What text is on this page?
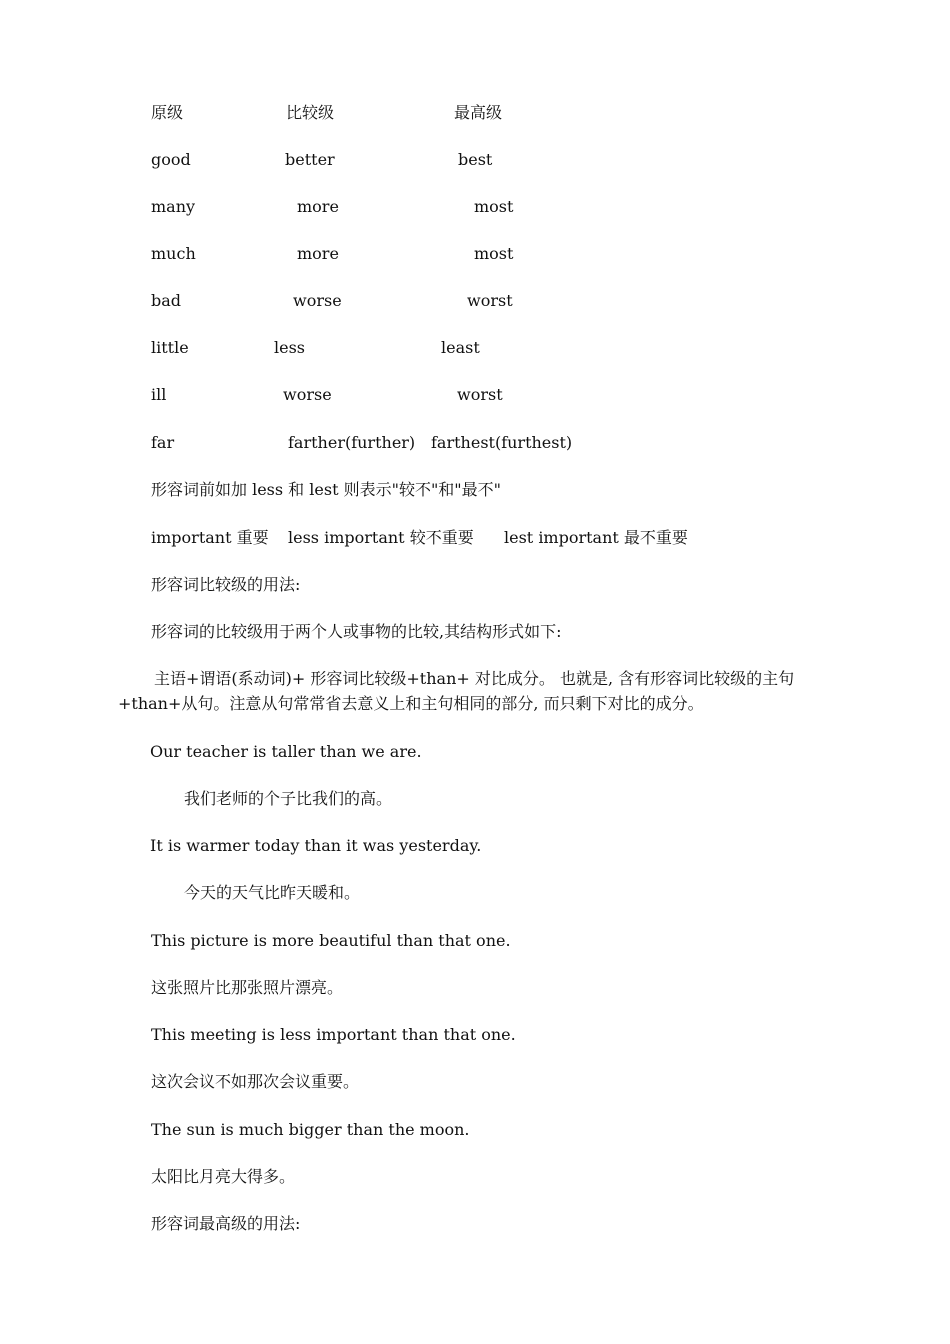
原级	比较级	最高级
good	better	best
many	more	most
much	more	most
bad	worse	worst
little	less	least
ill	worse	worst
far	farther(further) farthest(furthest)
形容词前如加 less 和 lest 则表示"较不"和"最不"
important 重要 less important 较不重要 lest important 最不重要
形容词比较级的用法:
形容词的比较级用于两个人或事物的比较,其结构形式如下:
主语+谓语(系动词)+ 形容词比较级+than+ 对比成分。 也就是, 含有形容词比较级的主句
+than+从句。注意从句常常省去意义上和主句相同的部分, 而只剩下对比的成分。
Our teacher is taller than we are.
我们老师的个子比我们的高。
It is warmer today than it was yesterday.
今天的天气比昨天暖和。
This picture is more beautiful than that one.
这张照片比那张照片漂亮。
This meeting is less important than that one.
这次会议不如那次会议重要。
The sun is much bigger than the moon.
太阳比月亮大得多。
形容词最高级的用法:
